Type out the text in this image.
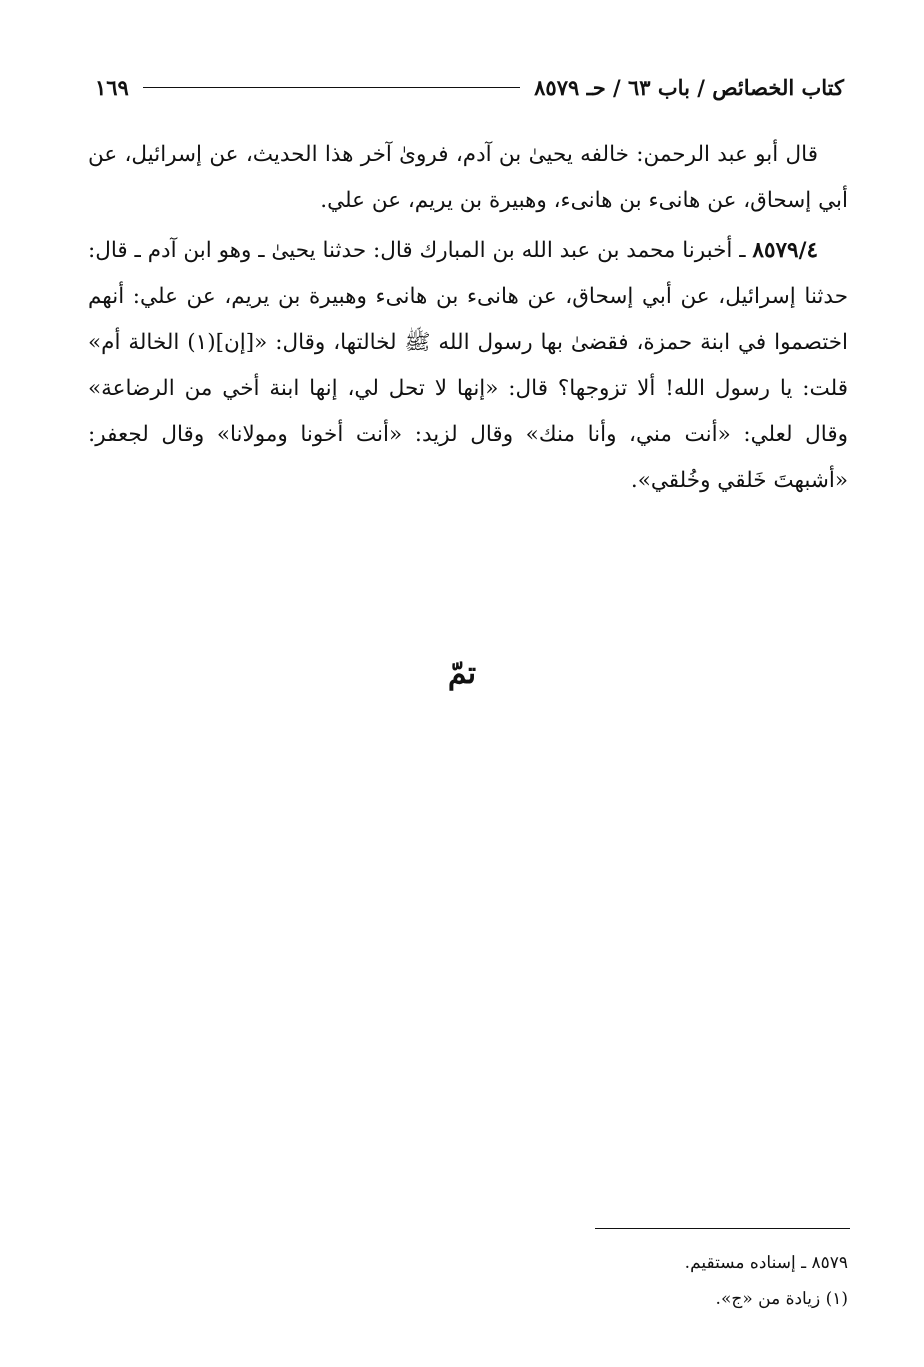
كتاب الخصائص / باب ٦٣ / حـ ٨٥٧٩
١٦٩

قال أبو عبد الرحمن: خالفه يحيىٰ بن آدم، فروىٰ آخر هذا الحديث، عن إسرائيل، عن أبي إسحاق، عن هانىء بن هانىء، وهبيرة بن يريم، عن علي.

٨٥٧٩/٤ ـ أخبرنا محمد بن عبد الله بن المبارك قال: حدثنا يحيىٰ ـ وهو ابن آدم ـ قال: حدثنا إسرائيل، عن أبي إسحاق، عن هانىء بن هانىء وهبيرة بن يريم، عن علي: أنهم اختصموا في ابنة حمزة، فقضىٰ بها رسول الله ﷺ لخالتها، وقال: «[إن](١) الخالة أم» قلت: يا رسول الله! ألا تزوجها؟ قال: «إنها لا تحل لي، إنها ابنة أخي من الرضاعة» وقال لعلي: «أنت مني، وأنا منك» وقال لزيد: «أنت أخونا ومولانا» وقال لجعفر: «أشبهتَ خَلقي وخُلقي».

تمّ
٨٥٧٩ ـ إسناده مستقيم.
(١) زيادة من «ج».
